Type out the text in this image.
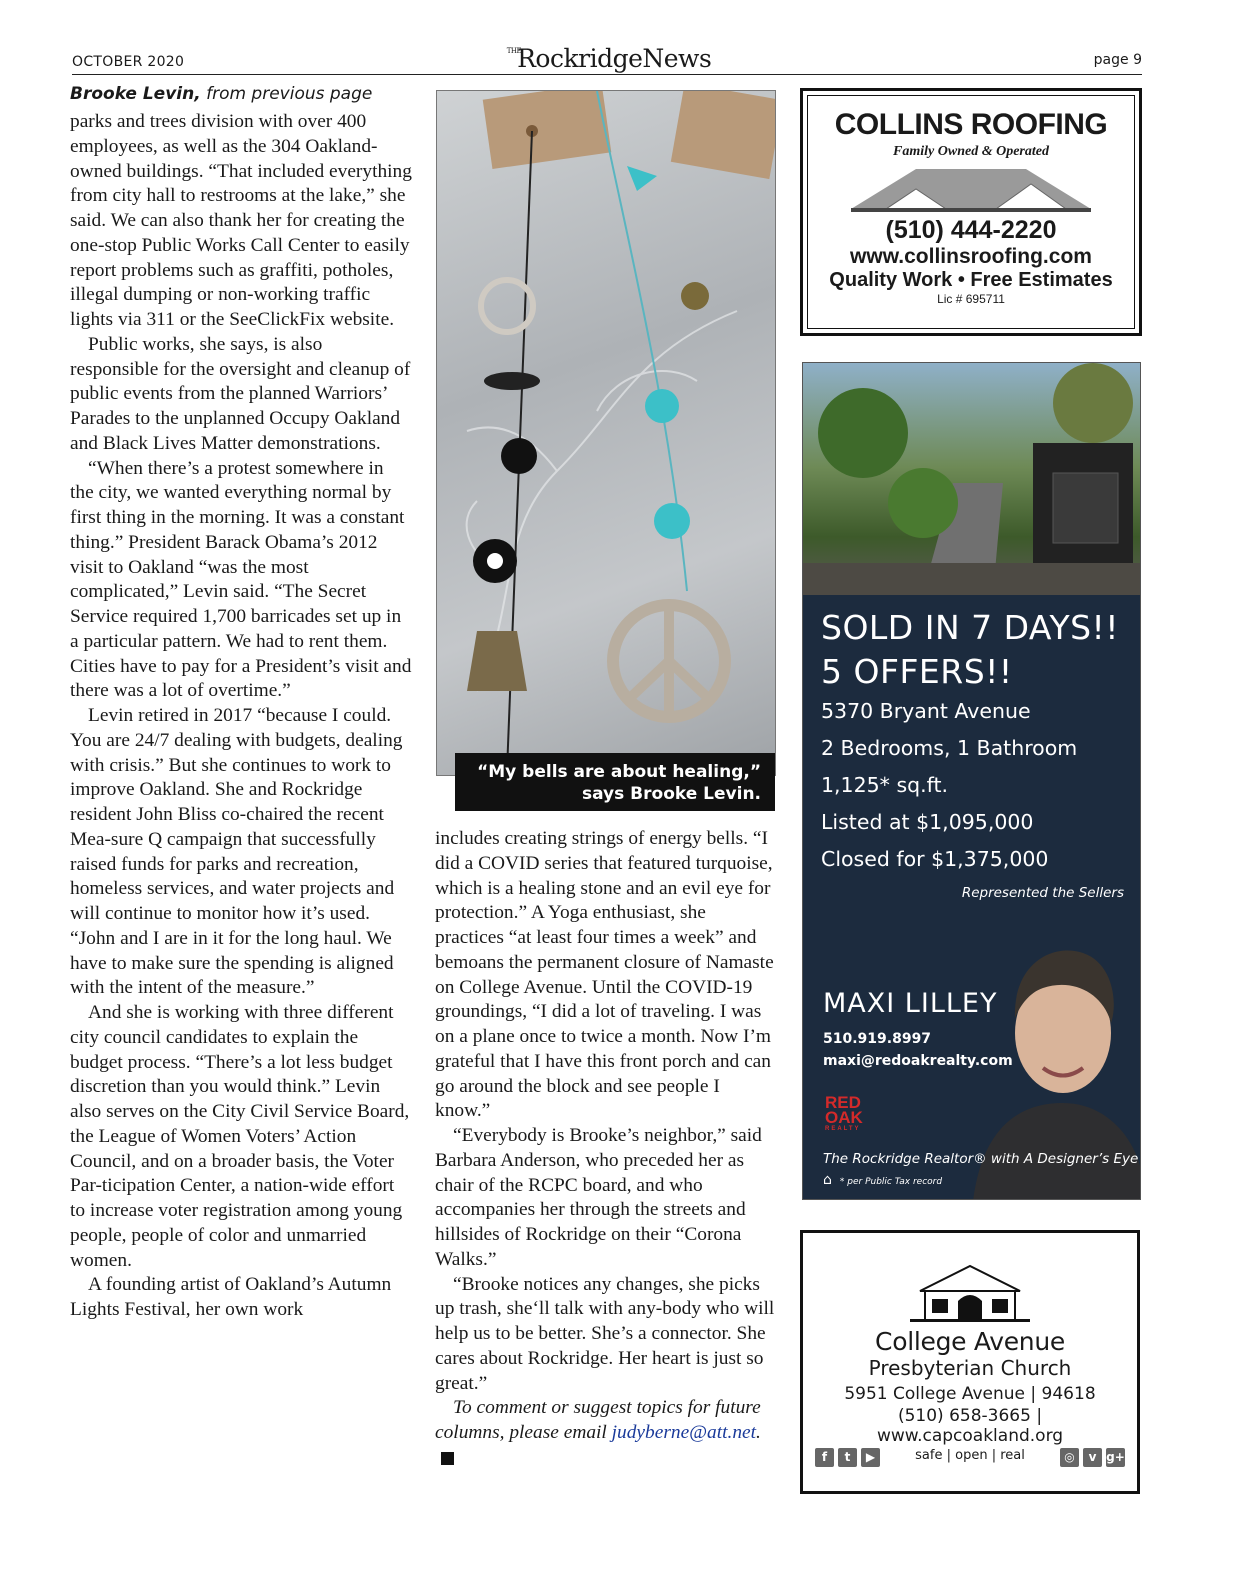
OCTOBER 2020
$^{THE}$RockridgeNews	page 9
Brooke Levin, from previous page

parks and trees division with over 400 employees, as well as the 304 Oakland-owned buildings. “That included everything from city hall to restrooms at the lake,” she said. We can also thank her for creating the one-stop Public Works Call Center to easily report problems such as graffiti, potholes, illegal dumping or non-working traffic lights via 311 or the SeeClickFix website.

Public works, she says, is also responsible for the oversight and cleanup of public events from the planned Warriors’ Parades to the unplanned Occupy Oakland and Black Lives Matter demonstrations.

“When there’s a protest somewhere in the city, we wanted everything normal by first thing in the morning. It was a constant thing.” President Barack Obama’s 2012 visit to Oakland “was the most complicated,” Levin said. “The Secret Service required 1,700 barricades set up in a particular pattern. We had to rent them. Cities have to pay for a President’s visit and there was a lot of overtime.”

Levin retired in 2017 “because I could. You are 24/7 dealing with budgets, dealing with crisis.” But she continues to work to improve Oakland. She and Rockridge resident John Bliss co-chaired the recent Mea-sure Q campaign that successfully raised funds for parks and recreation, homeless services, and water projects and will continue to monitor how it’s used. “John and I are in it for the long haul. We have to make sure the spending is aligned with the intent of the measure.”

And she is working with three different city council candidates to explain the budget process. “There’s a lot less budget discretion than you would think.” Levin also serves on the City Civil Service Board, the League of Women Voters’ Action Council, and on a broader basis, the Voter Par-ticipation Center, a nation-wide effort to increase voter registration among young people, people of color and unmarried women.

A founding artist of Oakland’s Autumn Lights Festival, her own work

“My bells are about healing,”
says Brooke Levin.

includes creating strings of energy bells. “I did a COVID series that featured turquoise, which is a healing stone and an evil eye for protection.” A Yoga enthusiast, she practices “at least four times a week” and bemoans the permanent closure of Namaste on College Avenue. Until the COVID-19 groundings, “I did a lot of traveling. I was on a plane once to twice a month. Now I’m grateful that I have this front porch and can go around the block and see people I know.”

“Everybody is Brooke’s neighbor,” said Barbara Anderson, who preceded her as chair of the RCPC board, and who accompanies her through the streets and hillsides of Rockridge on their “Corona Walks.”

“Brooke notices any changes, she picks up trash, she‘ll talk with any-body who will help us to be better. She’s a connector. She cares about Rockridge. Her heart is just so great.”

To comment or suggest topics for future columns, please email judyberne@att.net.

COLLINS ROOFING
Family Owned & Operated
(510) 444-2220
www.collinsroofing.com
Quality Work • Free Estimates
Lic # 695711
SOLD IN 7 DAYS!!
5 OFFERS!!
5370 Bryant Avenue
2 Bedrooms, 1 Bathroom
1,125* sq.ft.
Listed at $1,095,000
Closed for $1,375,000
Represented the Sellers
MAXI LILLEY
510.919.8997
maxi@redoakrealty.com
RED
OAK
REALTY
The Rockridge Realtor® with A Designer’s Eye
⌂ * per Public Tax record
College Avenue
Presbyterian Church
5951 College Avenue | 94618
(510) 658-3665 | www.capcoakland.org
safe | open | real
f	t	▶	◎	v g+
